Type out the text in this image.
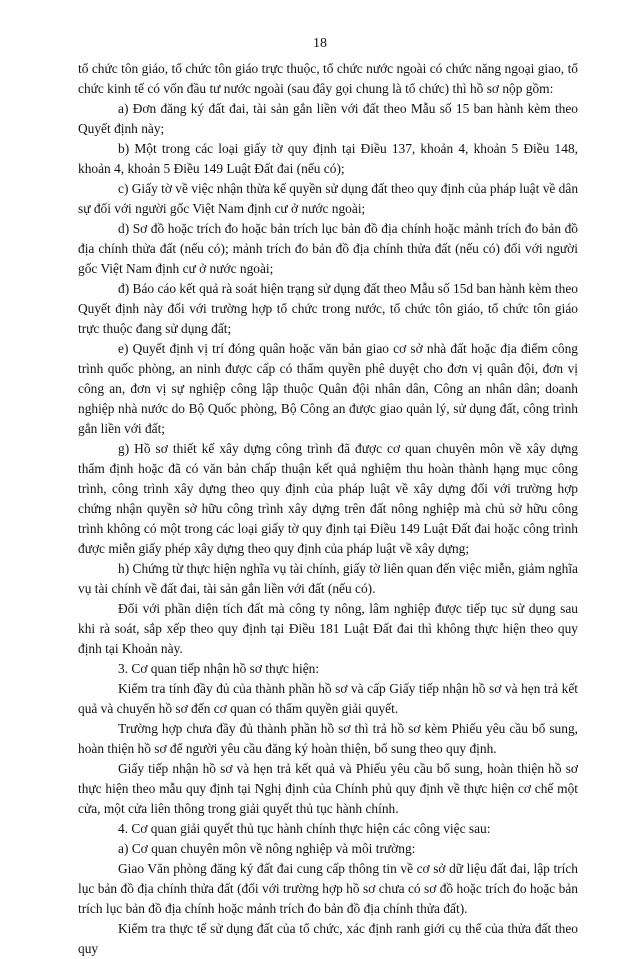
18

tổ chức tôn giáo, tổ chức tôn giáo trực thuộc, tổ chức nước ngoài có chức năng ngoại giao, tổ chức kinh tế có vốn đầu tư nước ngoài (sau đây gọi chung là tổ chức) thì hồ sơ nộp gồm:

a) Đơn đăng ký đất đai, tài sản gắn liền với đất theo Mẫu số 15 ban hành kèm theo Quyết định này;

b) Một trong các loại giấy tờ quy định tại Điều 137, khoản 4, khoản 5 Điều 148, khoản 4, khoản 5 Điều 149 Luật Đất đai (nếu có);

c) Giấy tờ về việc nhận thừa kế quyền sử dụng đất theo quy định của pháp luật về dân sự đối với người gốc Việt Nam định cư ở nước ngoài;

d) Sơ đồ hoặc trích đo hoặc bản trích lục bản đồ địa chính hoặc mảnh trích đo bản đồ địa chính thửa đất (nếu có); mảnh trích đo bản đồ địa chính thửa đất (nếu có) đối với người gốc Việt Nam định cư ở nước ngoài;

đ) Báo cáo kết quả rà soát hiện trạng sử dụng đất theo Mẫu số 15d ban hành kèm theo Quyết định này đối với trường hợp tổ chức trong nước, tổ chức tôn giáo, tổ chức tôn giáo trực thuộc đang sử dụng đất;

e) Quyết định vị trí đóng quân hoặc văn bản giao cơ sở nhà đất hoặc địa điểm công trình quốc phòng, an ninh được cấp có thẩm quyền phê duyệt cho đơn vị quân đội, đơn vị công an, đơn vị sự nghiệp công lập thuộc Quân đội nhân dân, Công an nhân dân; doanh nghiệp nhà nước do Bộ Quốc phòng, Bộ Công an được giao quản lý, sử dụng đất, công trình gắn liền với đất;

g) Hồ sơ thiết kế xây dựng công trình đã được cơ quan chuyên môn về xây dựng thẩm định hoặc đã có văn bản chấp thuận kết quả nghiệm thu hoàn thành hạng mục công trình, công trình xây dựng theo quy định của pháp luật về xây dựng đối với trường hợp chứng nhận quyền sở hữu công trình xây dựng trên đất nông nghiệp mà chủ sở hữu công trình không có một trong các loại giấy tờ quy định tại Điều 149 Luật Đất đai hoặc công trình được miễn giấy phép xây dựng theo quy định của pháp luật về xây dựng;

h) Chứng từ thực hiện nghĩa vụ tài chính, giấy tờ liên quan đến việc miễn, giảm nghĩa vụ tài chính về đất đai, tài sản gắn liền với đất (nếu có).

Đối với phần diện tích đất mà công ty nông, lâm nghiệp được tiếp tục sử dụng sau khi rà soát, sắp xếp theo quy định tại Điều 181 Luật Đất đai thì không thực hiện theo quy định tại Khoản này.

3. Cơ quan tiếp nhận hồ sơ thực hiện:

Kiểm tra tính đầy đủ của thành phần hồ sơ và cấp Giấy tiếp nhận hồ sơ và hẹn trả kết quả và chuyển hồ sơ đến cơ quan có thẩm quyền giải quyết.

Trường hợp chưa đầy đủ thành phần hồ sơ thì trả hồ sơ kèm Phiếu yêu cầu bổ sung, hoàn thiện hồ sơ để người yêu cầu đăng ký hoàn thiện, bổ sung theo quy định.

Giấy tiếp nhận hồ sơ và hẹn trả kết quả và Phiếu yêu cầu bổ sung, hoàn thiện hồ sơ thực hiện theo mẫu quy định tại Nghị định của Chính phủ quy định về thực hiện cơ chế một cửa, một cửa liên thông trong giải quyết thủ tục hành chính.

4. Cơ quan giải quyết thủ tục hành chính thực hiện các công việc sau:

a) Cơ quan chuyên môn về nông nghiệp và môi trường:

Giao Văn phòng đăng ký đất đai cung cấp thông tin về cơ sở dữ liệu đất đai, lập trích lục bản đồ địa chính thửa đất (đối với trường hợp hồ sơ chưa có sơ đồ hoặc trích đo hoặc bản trích lục bản đồ địa chính hoặc mảnh trích đo bản đồ địa chính thửa đất).

Kiểm tra thực tế sử dụng đất của tổ chức, xác định ranh giới cụ thể của thửa đất theo quy
